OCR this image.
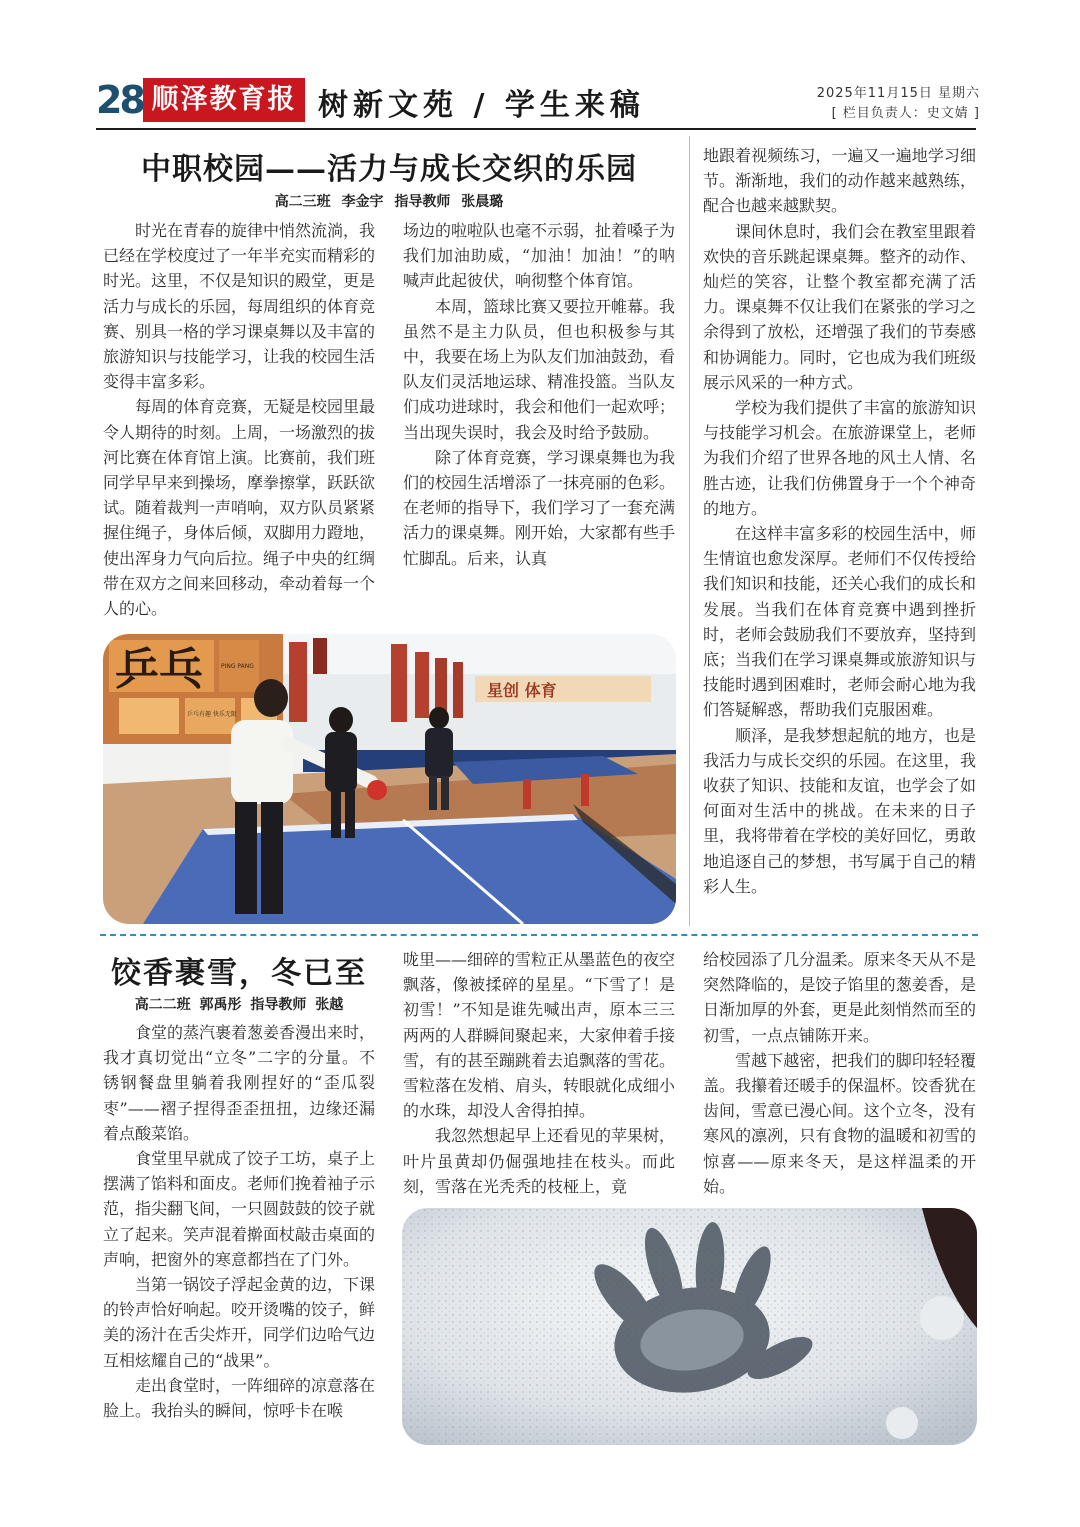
28 顺泽教育报 树新文苑 / 学生来稿	2025年11月15日 星期六
[ 栏目负责人：史文婧 ]
中职校园——活力与成长交织的乐园
高二三班 李金宇 指导教师 张晨璐

时光在青春的旋律中悄然流淌，我已经在学校度过了一年半充实而精彩的时光。这里，不仅是知识的殿堂，更是活力与成长的乐园，每周组织的体育竞赛、别具一格的学习课桌舞以及丰富的旅游知识与技能学习，让我的校园生活变得丰富多彩。

每周的体育竞赛，无疑是校园里最令人期待的时刻。上周，一场激烈的拔河比赛在体育馆上演。比赛前，我们班同学早早来到操场，摩拳擦掌，跃跃欲试。随着裁判一声哨响，双方队员紧紧握住绳子，身体后倾，双脚用力蹬地，使出浑身力气向后拉。绳子中央的红绸带在双方之间来回移动，牵动着每一个人的心。

场边的啦啦队也毫不示弱，扯着嗓子为我们加油助威，“加油！加油！”的呐喊声此起彼伏，响彻整个体育馆。

本周，篮球比赛又要拉开帷幕。我虽然不是主力队员，但也积极参与其中，我要在场上为队友们加油鼓劲，看队友们灵活地运球、精准投篮。当队友们成功进球时，我会和他们一起欢呼；当出现失误时，我会及时给予鼓励。

除了体育竞赛，学习课桌舞也为我们的校园生活增添了一抹亮丽的色彩。在老师的指导下，我们学习了一套充满活力的课桌舞。刚开始，大家都有些手忙脚乱。后来，认真

地跟着视频练习，一遍又一遍地学习细节。渐渐地，我们的动作越来越熟练，配合也越来越默契。

课间休息时，我们会在教室里跟着欢快的音乐跳起课桌舞。整齐的动作、灿烂的笑容，让整个教室都充满了活力。课桌舞不仅让我们在紧张的学习之余得到了放松，还增强了我们的节奏感和协调能力。同时，它也成为我们班级展示风采的一种方式。

学校为我们提供了丰富的旅游知识与技能学习机会。在旅游课堂上，老师为我们介绍了世界各地的风土人情、名胜古迹，让我们仿佛置身于一个个神奇的地方。

在这样丰富多彩的校园生活中，师生情谊也愈发深厚。老师们不仅传授给我们知识和技能，还关心我们的成长和发展。当我们在体育竞赛中遇到挫折时，老师会鼓励我们不要放弃，坚持到底；当我们在学习课桌舞或旅游知识与技能时遇到困难时，老师会耐心地为我们答疑解惑，帮助我们克服困难。

顺泽，是我梦想起航的地方，也是我活力与成长交织的乐园。在这里，我收获了知识、技能和友谊，也学会了如何面对生活中的挑战。在未来的日子里，我将带着在学校的美好回忆，勇敢地追逐自己的梦想，书写属于自己的精彩人生。

乒乓	PING PANG
乒乓有趣 快乐无限
星创 体育
饺香裹雪，冬已至
高二二班 郭禹彤 指导教师 张越

食堂的蒸汽裹着葱姜香漫出来时，我才真切觉出“立冬”二字的分量。不锈钢餐盘里躺着我刚捏好的“歪瓜裂枣”——褶子捏得歪歪扭扭，边缘还漏着点酸菜馅。

食堂里早就成了饺子工坊，桌子上摆满了馅料和面皮。老师们挽着袖子示范，指尖翻飞间，一只圆鼓鼓的饺子就立了起来。笑声混着擀面杖敲击桌面的声响，把窗外的寒意都挡在了门外。

当第一锅饺子浮起金黄的边，下课的铃声恰好响起。咬开烫嘴的饺子，鲜美的汤汁在舌尖炸开，同学们边哈气边互相炫耀自己的“战果”。

走出食堂时，一阵细碎的凉意落在脸上。我抬头的瞬间，惊呼卡在喉

咙里——细碎的雪粒正从墨蓝色的夜空飘落，像被揉碎的星星。“下雪了！是初雪！”不知是谁先喊出声，原本三三两两的人群瞬间聚起来，大家伸着手接雪，有的甚至蹦跳着去追飘落的雪花。雪粒落在发梢、肩头，转眼就化成细小的水珠，却没人舍得拍掉。

我忽然想起早上还看见的苹果树，叶片虽黄却仍倔强地挂在枝头。而此刻，雪落在光秃秃的枝桠上，竟

给校园添了几分温柔。原来冬天从不是突然降临的，是饺子馅里的葱姜香，是日渐加厚的外套，更是此刻悄然而至的初雪，一点点铺陈开来。

雪越下越密，把我们的脚印轻轻覆盖。我攥着还暖手的保温杯。饺香犹在齿间，雪意已漫心间。这个立冬，没有寒风的凛冽，只有食物的温暖和初雪的惊喜——原来冬天，是这样温柔的开始。
